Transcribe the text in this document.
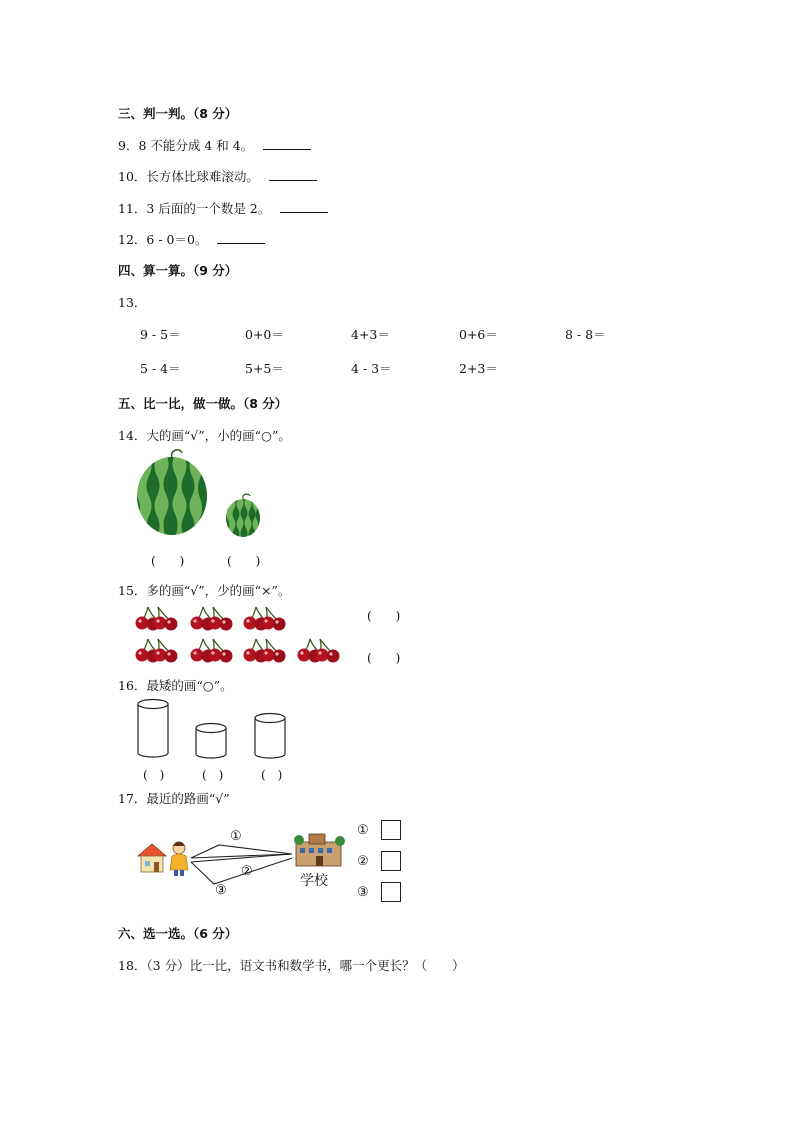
三、判一判。（8 分）
9．8 不能分成 4 和 4。
10．长方体比球难滚动。
11．3 后面的一个数是 2。
12．6 - 0＝0。
四、算一算。（9 分）
13．
9 - 5＝	0+0＝	4+3＝	0+6＝	8 - 8＝
5 - 4＝	5+5＝	4 - 3＝	2+3＝
五、比一比，做一做。（8 分）
14．大的画“√”，小的画“○”。
(　　)	(　　)
15．多的画“√”，少的画“×”。
(　　)
(　　)
16．最矮的画“○”。
(　)	(　)	(　)
17．最近的路画“√”
①
②
③
学校
①
②
③
六、选一选。（6 分）
18．（3 分）比一比，语文书和数学书，哪一个更长？（　　）
